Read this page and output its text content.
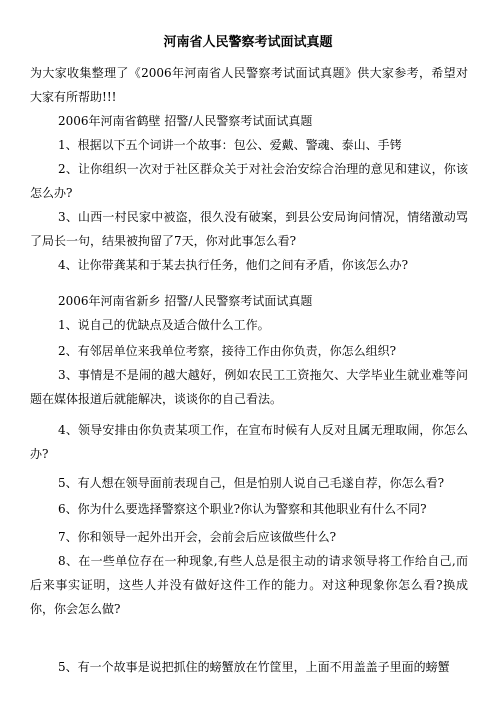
河南省人民警察考试面试真题
为大家收集整理了《2006年河南省人民警察考试面试真题》供大家参考，希望对大家有所帮助!!!
2006年河南省鹤壁 招警/人民警察考试面试真题
1、根据以下五个词讲一个故事：包公、爱戴、警魂、泰山、手铐
2、让你组织一次对于社区群众关于对社会治安综合治理的意见和建议，你该怎么办?
3、山西一村民家中被盗，很久没有破案，到县公安局询问情况，情绪激动骂了局长一句，结果被拘留了7天，你对此事怎么看?
4、让你带龚某和于某去执行任务，他们之间有矛盾，你该怎么办?
2006年河南省新乡 招警/人民警察考试面试真题
1、说自己的优缺点及适合做什么工作。
2、有邻居单位来我单位考察，接待工作由你负责，你怎么组织?
3、事情是不是闹的越大越好，例如农民工工资拖欠、大学毕业生就业难等问题在媒体报道后就能解决，谈谈你的自己看法。
4、领导安排由你负责某项工作，在宣布时候有人反对且属无理取闹，你怎么办?
5、有人想在领导面前表现自己，但是怕别人说自己毛遂自荐，你怎么看?
6、你为什么要选择警察这个职业?你认为警察和其他职业有什么不同?
7、你和领导一起外出开会，会前会后应该做些什么?
8、在一些单位存在一种现象,有些人总是很主动的请求领导将工作给自己,而后来事实证明，这些人并没有做好这件工作的能力。对这种现象你怎么看?换成你，你会怎么做?
5、有一个故事是说把抓住的螃蟹放在竹筐里，上面不用盖盖子里面的螃蟹
